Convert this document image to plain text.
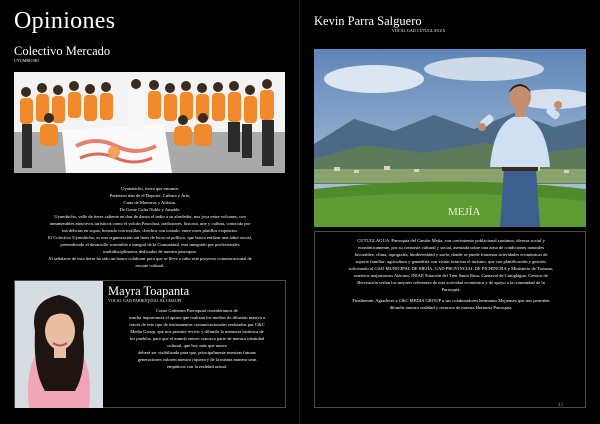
Opiniones
Colectivo Mercado
UYUMBICHO

Uyumbicho, tierra que encanta;

Portentos dan de el Deporte, Cultura y Arte;

Cuna de Maestros y Artistas,

De Gente Culta Noble y Amable.

Uyumbicho, valle de tierra caliente en don de danza el indio a su alrededor, nos joya entre volcanes, con

innumerables atractivos turísticos como el volcán Pasochoa, tradiciones, historia, arte y cultura, conocida por

sus delicias en sopas, hornado con tortillas, chochos con tostado, entre otros platillos exquisitos.

El Colectivo Uyumbicho, es una organización sin fines de lucro ni político, que busca realizar una labor social,

pretendiendo el desarrollo sostenible e integral de la Comunidad, está integrado por profesionales

multidisciplinarios dedicados de nuestra parroquia.

Al señalarse de esta tierra ha sido un honor colaborar para que se lleve a cabo este proyecto comunicacional de

rescate cultural.

Mayra Toapanta
VOCAL GAD PARROQUIAL EL CHAUPI

Como Gobierno Parroquial consideramos de

mucha importancia el aporte que realizan los medios de difusión masiva a

través de este tipo de instrumentos comunicacionales realizados por C&C

Media Group, que nos permite revivir y difundir la memoria histórica de

los pueblos, para que el mundo entero conozca parte de nuestra identidad

cultural, que hoy más que nunca

deberá ser visibilizada para que, principalmente nuestras futuras

generaciones valoren nuestra riqueza y de la misma manera sean

empáticos con la realidad actual.

Kevin Parra Salguero
VOCAL GAD CUTUGLAGUA
MEJÍA

CUTUGLAGUA. Parroquia del Cantón Mejía, con crecimiento poblacional continuo, diversa social y

económicamente, por su contraste cultural y social, asentada sobre una zona de condiciones naturales

favorables: clima, topografía, biodiversidad y suelo, donde se puede fomentar actividades económicas de

soporte familiar: agricultura y ganadería con visión futurista el turismo, que con planificación y gestión,

solicitando al GAD MUNICIPAL DE MEJÍA, GAD PROVINCIAL DE PICHINCHA y Ministerio de Turismo,

nuestros majestuosos Atacazo, INIAP, Estación del Tren Santa Rosa, Carnaval de Cutuglagua, Centros de

Recreación serían los mejores referentes de esta actividad económica y de apoyo a la comunidad de la

Parroquia.

Finalmente: Agradecer a C&C MEDIA GROUP a sus colaboradores hermanos Mejienses que nos permiten

difundir nuestra realidad y recursos de nuestra Hermosa Parroquia.

43
